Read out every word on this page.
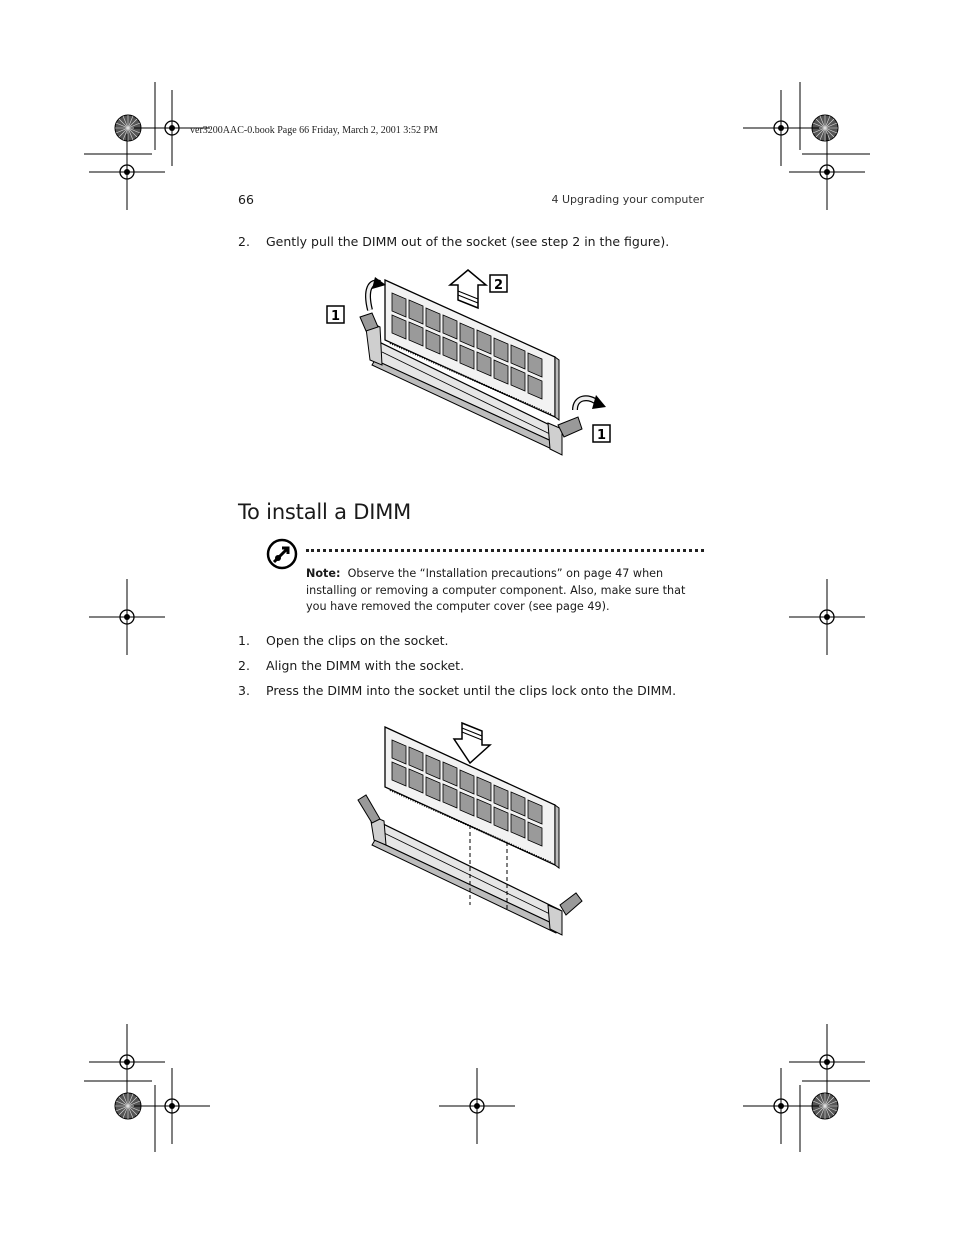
ver3200AAC-0.book Page 66 Friday, March 2, 2001 3:52 PM
66	4 Upgrading your computer
2. Gently pull the DIMM out of the socket (see step 2 in the figure).
1
2
1
To install a DIMM
Note: Observe the “Installation precautions” on page 47 when installing or removing a computer component. Also, make sure that you have removed the computer cover (see page 49).
1. Open the clips on the socket.
2. Align the DIMM with the socket.
3. Press the DIMM into the socket until the clips lock onto the DIMM.
